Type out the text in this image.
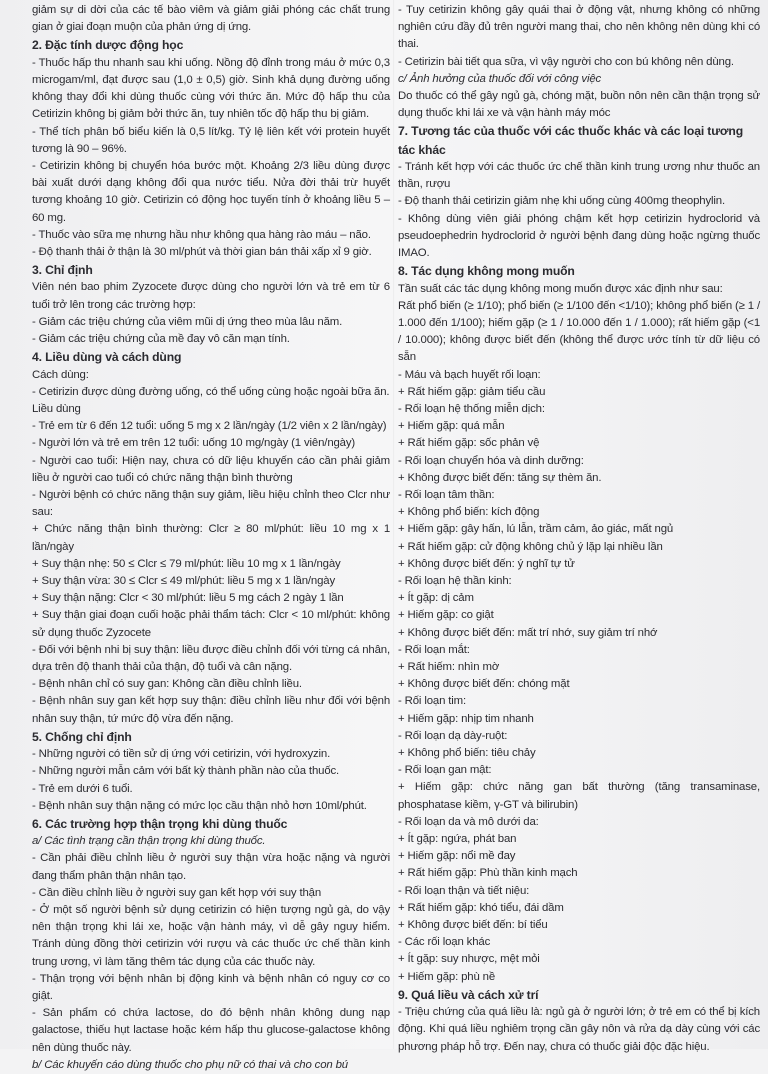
giảm sự di dời của các tế bào viêm và giảm giải phóng các chất trung gian ở giai đoạn muộn của phản ứng dị ứng.

2. Đặc tính dược động học

- Thuốc hấp thu nhanh sau khi uống. Nồng độ đỉnh trong máu ở mức 0,3 microgam/ml, đạt được sau (1,0 ± 0,5) giờ. Sinh khả dụng đường uống không thay đổi khi dùng thuốc cùng với thức ăn. Mức độ hấp thu của Cetirizin không bị giảm bởi thức ăn, tuy nhiên tốc độ hấp thu bị giảm.

- Thể tích phân bố biểu kiến là 0,5 lít/kg. Tỷ lệ liên kết với protein huyết tương là 90 – 96%.

- Cetirizin không bị chuyển hóa bước một. Khoảng 2/3 liều dùng được bài xuất dưới dạng không đổi qua nước tiểu. Nửa đời thải trừ huyết tương khoảng 10 giờ. Cetirizin có động học tuyến tính ở khoảng liều 5 – 60 mg.

- Thuốc vào sữa mẹ nhưng hầu như không qua hàng rào máu – não.

- Độ thanh thải ở thận là 30 ml/phút và thời gian bán thải xấp xỉ 9 giờ.

3. Chỉ định

Viên nén bao phim Zyzocete được dùng cho người lớn và trẻ em từ 6 tuổi trở lên trong các trường hợp:

- Giảm các triệu chứng của viêm mũi dị ứng theo mùa lâu năm.

- Giảm các triệu chứng của mề đay vô căn mạn tính.

4. Liều dùng và cách dùng

Cách dùng:

- Cetirizin được dùng đường uống, có thể uống cùng hoặc ngoài bữa ăn.

Liều dùng

- Trẻ em từ 6 đến 12 tuổi: uống 5 mg x 2 lần/ngày (1/2 viên x 2 lần/ngày)

- Người lớn và trẻ em trên 12 tuổi: uống 10 mg/ngày (1 viên/ngày)

- Người cao tuổi: Hiện nay, chưa có dữ liệu khuyến cáo cần phải giảm liều ở người cao tuổi có chức năng thận bình thường

- Người bệnh có chức năng thận suy giảm, liều hiệu chỉnh theo Clcr như sau:

+ Chức năng thận bình thường: Clcr ≥ 80 ml/phút: liều 10 mg x 1 lần/ngày

+ Suy thận nhẹ: 50 ≤ Clcr ≤ 79 ml/phút: liều 10 mg x 1 lần/ngày

+ Suy thận vừa: 30 ≤ Clcr ≤ 49 ml/phút: liều 5 mg x 1 lần/ngày

+ Suy thận nặng: Clcr < 30 ml/phút: liều 5 mg cách 2 ngày 1 lần

+ Suy thận giai đoạn cuối hoặc phải thẩm tách: Clcr < 10 ml/phút: không sử dụng thuốc Zyzocete

- Đối với bệnh nhi bị suy thận: liều được điều chỉnh đối với từng cá nhân, dựa trên độ thanh thải của thận, độ tuổi và cân nặng.

- Bệnh nhân chỉ có suy gan: Không cần điều chỉnh liều.

- Bệnh nhân suy gan kết hợp suy thận: điều chỉnh liều như đối với bệnh nhân suy thận, tứ mức độ vừa đến nặng.

5. Chống chỉ định

- Những người có tiền sử dị ứng với cetirizin, với hydroxyzin.

- Những người mẫn cảm với bất kỳ thành phần nào của thuốc.

- Trẻ em dưới 6 tuổi.

- Bệnh nhân suy thận nặng có mức lọc cầu thận nhỏ hơn 10ml/phút.

6. Các trường hợp thận trọng khi dùng thuốc
a/ Các tình trạng cần thận trọng khi dùng thuốc.

- Cần phải điều chỉnh liều ở người suy thận vừa hoặc nặng và người đang thẩm phân thận nhân tạo.

- Cần điều chỉnh liều ở người suy gan kết hợp với suy thận

- Ở một số người bệnh sử dụng cetirizin có hiện tượng ngủ gà, do vậy nên thận trọng khi lái xe, hoặc vận hành máy, vì dễ gây nguy hiểm. Tránh dùng đồng thời cetirizin với rượu và các thuốc ức chế thần kinh trung ương, vì làm tăng thêm tác dụng của các thuốc này.

- Thận trọng với bệnh nhân bị động kinh và bệnh nhân có nguy cơ co giật.

- Sản phẩm có chứa lactose, do đó bệnh nhân không dung nạp galactose, thiếu hụt lactase hoặc kém hấp thu glucose-galactose không nên dùng thuốc này.

b/ Các khuyến cáo dùng thuốc cho phụ nữ có thai và cho con bú

- Tuy cetirizin không gây quái thai ở động vật, nhưng không có những nghiên cứu đầy đủ trên người mang thai, cho nên không nên dùng khi có thai.

- Cetirizin bài tiết qua sữa, vì vậy người cho con bú không nên dùng.

c/ Ảnh hưởng của thuốc đối với công việc

Do thuốc có thể gây ngủ gà, chóng mặt, buồn nôn nên cần thận trọng sử dụng thuốc khi lái xe và vận hành máy móc

7. Tương tác của thuốc với các thuốc khác và các loại tương tác khác

- Tránh kết hợp với các thuốc ức chế thần kinh trung ương như thuốc an thần, rượu

- Độ thanh thải cetirizin giảm nhẹ khi uống cùng 400mg theophylin.

- Không dùng viên giải phóng chậm kết hợp cetirizin hydroclorid và pseudoephedrin hydroclorid ở người bệnh đang dùng hoặc ngừng thuốc IMAO.

8. Tác dụng không mong muốn

Tần suất các tác dụng không mong muốn được xác định như sau:

Rất phổ biến (≥ 1/10); phổ biến (≥ 1/100 đến <1/10); không phổ biến (≥ 1 / 1.000 đến 1/100); hiếm gặp (≥ 1 / 10.000 đến 1 / 1.000); rất hiếm gặp (<1 / 10.000); không được biết đến (không thể được ước tính từ dữ liệu có sẵn

- Máu và bạch huyết rối loạn:

+ Rất hiếm gặp: giảm tiểu cầu

- Rối loạn hệ thống miễn dịch:

+ Hiếm gặp: quá mẫn

+ Rất hiếm gặp: sốc phản vệ

- Rối loạn chuyển hóa và dinh dưỡng:

+ Không được biết đến: tăng sự thèm ăn.

- Rối loạn tâm thần:

+ Không phổ biến: kích động

+ Hiếm gặp: gây hấn, lú lẫn, trầm cảm, ảo giác, mất ngủ

+ Rất hiếm gặp: cử động không chủ ý lặp lại nhiều lần

+ Không được biết đến: ý nghĩ tự tử

- Rối loạn hệ thần kinh:

+ Ít gặp: dị cảm

+ Hiếm gặp: co giật

+ Không được biết đến: mất trí nhớ, suy giảm trí nhớ

- Rối loạn mắt:

+ Rất hiếm: nhìn mờ

+ Không được biết đến: chóng mặt

- Rối loạn tim:

+ Hiếm gặp: nhịp tim nhanh

- Rối loạn dạ dày-ruột:

+ Không phổ biến: tiêu chảy

- Rối loạn gan mật:

+ Hiếm gặp: chức năng gan bất thường (tăng transaminase, phosphatase kiềm, γ-GT và bilirubin)

- Rối loạn da và mô dưới da:

+ Ít gặp: ngứa, phát ban

+ Hiếm gặp: nổi mề đay

+ Rất hiếm gặp: Phù thần kinh mạch

- Rối loạn thận và tiết niệu:

+ Rất hiếm gặp: khó tiểu, đái dầm

+ Không được biết đến: bí tiểu

- Các rối loạn khác

+ Ít gặp: suy nhược, mệt mỏi

+ Hiếm gặp: phù nề

9. Quá liều và cách xử trí

- Triệu chứng của quá liều là: ngủ gà ở người lớn; ở trẻ em có thể bị kích động. Khi quá liều nghiêm trọng cần gây nôn và rửa dạ dày cùng với các phương pháp hỗ trợ. Đến nay, chưa có thuốc giải độc đặc hiệu.
